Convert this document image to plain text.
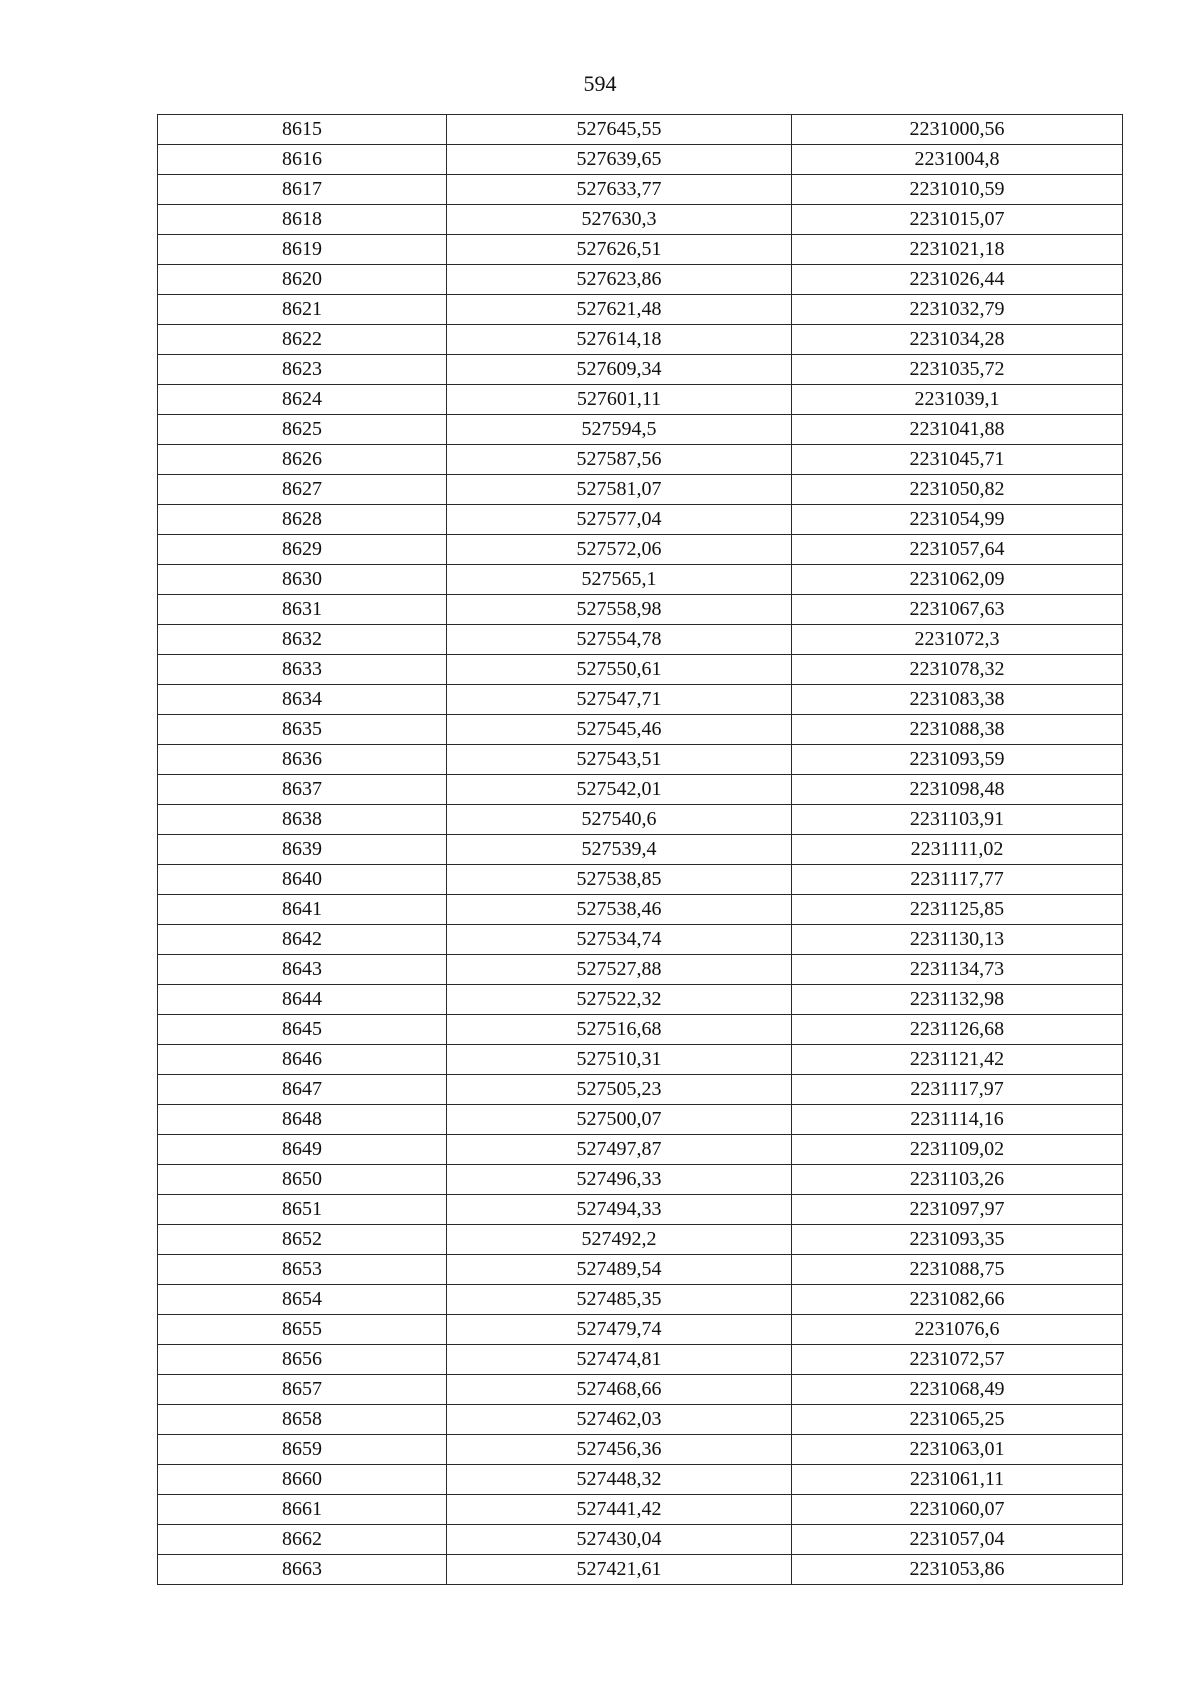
594
8615	527645,55	2231000,56
8616	527639,65	2231004,8
8617	527633,77	2231010,59
8618	527630,3	2231015,07
8619	527626,51	2231021,18
8620	527623,86	2231026,44
8621	527621,48	2231032,79
8622	527614,18	2231034,28
8623	527609,34	2231035,72
8624	527601,11	2231039,1
8625	527594,5	2231041,88
8626	527587,56	2231045,71
8627	527581,07	2231050,82
8628	527577,04	2231054,99
8629	527572,06	2231057,64
8630	527565,1	2231062,09
8631	527558,98	2231067,63
8632	527554,78	2231072,3
8633	527550,61	2231078,32
8634	527547,71	2231083,38
8635	527545,46	2231088,38
8636	527543,51	2231093,59
8637	527542,01	2231098,48
8638	527540,6	2231103,91
8639	527539,4	2231111,02
8640	527538,85	2231117,77
8641	527538,46	2231125,85
8642	527534,74	2231130,13
8643	527527,88	2231134,73
8644	527522,32	2231132,98
8645	527516,68	2231126,68
8646	527510,31	2231121,42
8647	527505,23	2231117,97
8648	527500,07	2231114,16
8649	527497,87	2231109,02
8650	527496,33	2231103,26
8651	527494,33	2231097,97
8652	527492,2	2231093,35
8653	527489,54	2231088,75
8654	527485,35	2231082,66
8655	527479,74	2231076,6
8656	527474,81	2231072,57
8657	527468,66	2231068,49
8658	527462,03	2231065,25
8659	527456,36	2231063,01
8660	527448,32	2231061,11
8661	527441,42	2231060,07
8662	527430,04	2231057,04
8663	527421,61	2231053,86
